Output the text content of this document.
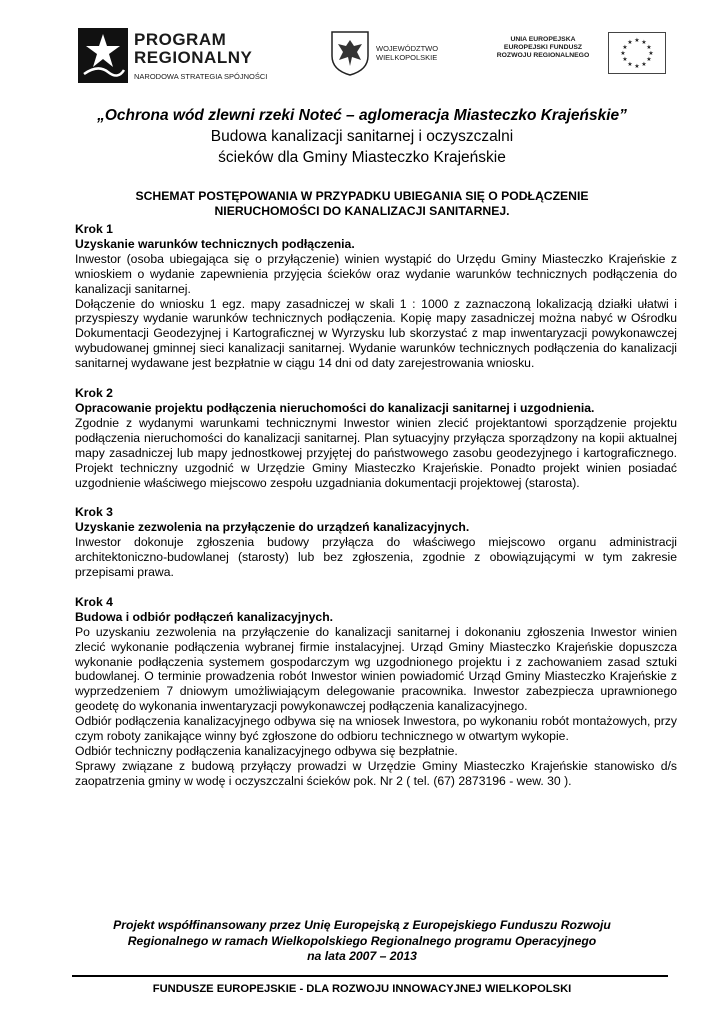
PROGRAM
REGIONALNY
NARODOWA STRATEGIA SPÓJNOŚCI
WOJEWÓDZTWO
WIELKOPOLSKIE
UNIA EUROPEJSKA
EUROPEJSKI FUNDUSZ
ROZWOJU REGIONALNEGO
★ ★
★
★
★
★
★
★
★
★
★
★
„Ochrona wód zlewni rzeki Noteć – aglomeracja Miasteczko Krajeńskie”
Budowa kanalizacji sanitarnej i oczyszczalni
ścieków dla Gminy Miasteczko Krajeńskie
SCHEMAT POSTĘPOWANIA W PRZYPADKU UBIEGANIA SIĘ O PODŁĄCZENIE
NIERUCHOMOŚCI DO KANALIZACJI SANITARNEJ.

Krok 1

Uzyskanie warunków technicznych podłączenia.

Inwestor (osoba ubiegająca się o przyłączenie) winien wystąpić do Urzędu Gminy Miasteczko Krajeńskie z wnioskiem o wydanie zapewnienia przyjęcia ścieków oraz wydanie warunków technicznych podłączenia do kanalizacji sanitarnej.

Dołączenie do wniosku 1 egz. mapy zasadniczej w skali 1 : 1000 z zaznaczoną lokalizacją działki ułatwi i przyspieszy wydanie warunków technicznych podłączenia. Kopię mapy zasadniczej można nabyć w Ośrodku Dokumentacji Geodezyjnej i Kartograficznej w Wyrzysku lub skorzystać z map inwentaryzacji powykonawczej wybudowanej gminnej sieci kanalizacji sanitarnej. Wydanie warunków technicznych podłączenia do kanalizacji sanitarnej wydawane jest bezpłatnie w ciągu 14 dni od daty zarejestrowania wniosku.

Krok 2

Opracowanie projektu podłączenia nieruchomości do kanalizacji sanitarnej i uzgodnienia.

Zgodnie z wydanymi warunkami technicznymi Inwestor winien zlecić projektantowi sporządzenie projektu podłączenia nieruchomości do kanalizacji sanitarnej. Plan sytuacyjny przyłącza sporządzony na kopii aktualnej mapy zasadniczej lub mapy jednostkowej przyjętej do państwowego zasobu geodezyjnego i kartograficznego. Projekt techniczny uzgodnić w Urzędzie Gminy Miasteczko Krajeńskie. Ponadto projekt winien posiadać uzgodnienie właściwego miejscowo zespołu uzgadniania dokumentacji projektowej (starosta).

Krok 3

Uzyskanie zezwolenia na przyłączenie do urządzeń kanalizacyjnych.

Inwestor dokonuje zgłoszenia budowy przyłącza do właściwego miejscowo organu administracji architektoniczno-budowlanej (starosty) lub bez zgłoszenia, zgodnie z obowiązującymi w tym zakresie przepisami prawa.

Krok 4

Budowa i odbiór podłączeń kanalizacyjnych.

Po uzyskaniu zezwolenia na przyłączenie do kanalizacji sanitarnej i dokonaniu zgłoszenia Inwestor winien zlecić wykonanie podłączenia wybranej firmie instalacyjnej. Urząd Gminy Miasteczko Krajeńskie dopuszcza wykonanie podłączenia systemem gospodarczym wg uzgodnionego projektu i z zachowaniem zasad sztuki budowlanej. O terminie prowadzenia robót Inwestor winien powiadomić Urząd Gminy Miasteczko Krajeńskie z wyprzedzeniem 7 dniowym umożliwiającym delegowanie pracownika. Inwestor zabezpiecza uprawnionego geodetę do wykonania inwentaryzacji powykonawczej podłączenia kanalizacyjnego.

Odbiór podłączenia kanalizacyjnego odbywa się na wniosek Inwestora, po wykonaniu robót montażowych, przy czym roboty zanikające winny być zgłoszone do odbioru technicznego w otwartym wykopie.

Odbiór techniczny podłączenia kanalizacyjnego odbywa się bezpłatnie.

Sprawy związane z budową przyłączy prowadzi w Urzędzie Gminy Miasteczko Krajeńskie stanowisko d/s zaopatrzenia gminy w wodę i oczyszczalni ścieków pok. Nr 2 ( tel. (67) 2873196 - wew. 30 ).

Projekt współfinansowany przez Unię Europejską z Europejskiego Funduszu Rozwoju
Regionalnego w ramach Wielkopolskiego Regionalnego programu Operacyjnego
na lata 2007 – 2013
FUNDUSZE EUROPEJSKIE - DLA ROZWOJU INNOWACYJNEJ WIELKOPOLSKI
